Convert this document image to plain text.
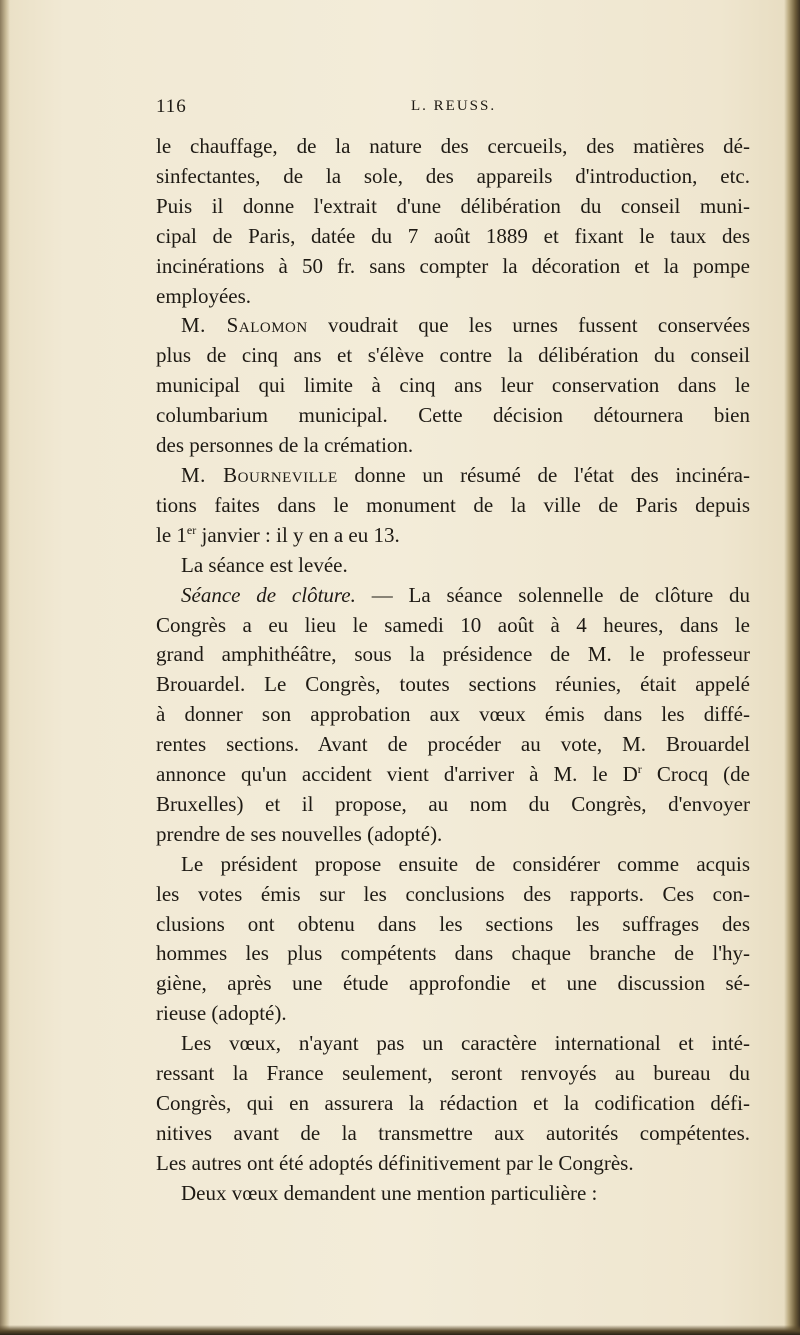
116	L. REUSS.

le chauffage, de la nature des cercueils, des matières dé-

sinfectantes, de la sole, des appareils d'introduction, etc.

Puis il donne l'extrait d'une délibération du conseil muni-

cipal de Paris, datée du 7 août 1889 et fixant le taux des

incinérations à 50 fr. sans compter la décoration et la pompe

employées.

M. Salomon voudrait que les urnes fussent conservées

plus de cinq ans et s'élève contre la délibération du conseil

municipal qui limite à cinq ans leur conservation dans le

columbarium municipal. Cette décision détournera bien

des personnes de la crémation.

M. Bourneville donne un résumé de l'état des incinéra-

tions faites dans le monument de la ville de Paris depuis

le 1er janvier : il y en a eu 13.

La séance est levée.

Séance de clôture. — La séance solennelle de clôture du

Congrès a eu lieu le samedi 10 août à 4 heures, dans le

grand amphithéâtre, sous la présidence de M. le professeur

Brouardel. Le Congrès, toutes sections réunies, était appelé

à donner son approbation aux vœux émis dans les diffé-

rentes sections. Avant de procéder au vote, M. Brouardel

annonce qu'un accident vient d'arriver à M. le $D^r$ Crocq (de

Bruxelles) et il propose, au nom du Congrès, d'envoyer

prendre de ses nouvelles (adopté).

Le président propose ensuite de considérer comme acquis

les votes émis sur les conclusions des rapports. Ces con-

clusions ont obtenu dans les sections les suffrages des

hommes les plus compétents dans chaque branche de l'hy-

giène, après une étude approfondie et une discussion sé-

rieuse (adopté).

Les vœux, n'ayant pas un caractère international et inté-

ressant la France seulement, seront renvoyés au bureau du

Congrès, qui en assurera la rédaction et la codification défi-

nitives avant de la transmettre aux autorités compétentes.

Les autres ont été adoptés définitivement par le Congrès.

Deux vœux demandent une mention particulière :
